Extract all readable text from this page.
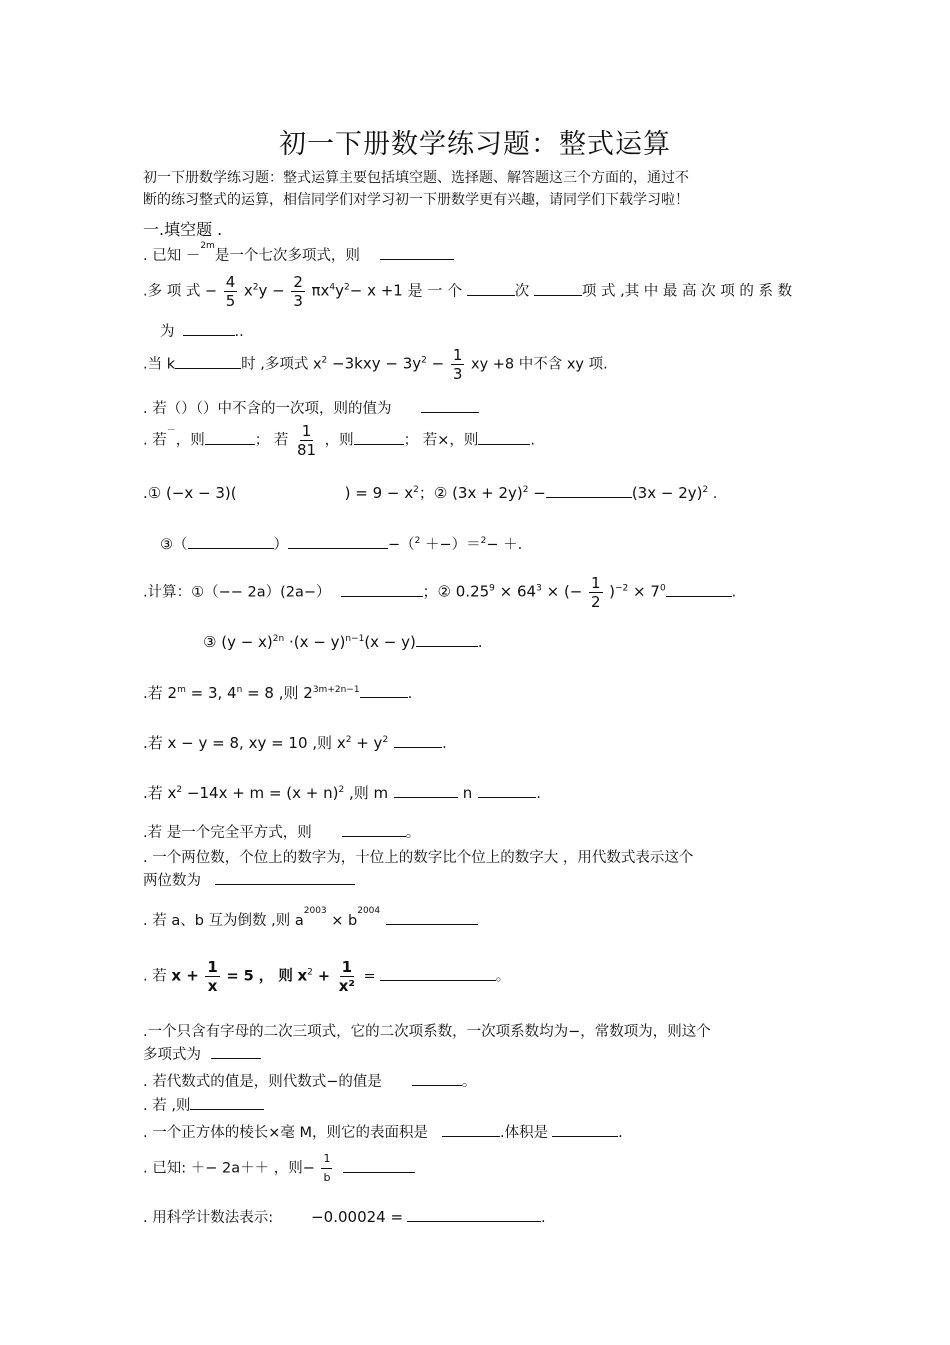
初一下册数学练习题：整式运算
初一下册数学练习题：整式运算主要包括填空题、选择题、解答题这三个方面的，通过不
断的练习整式的运算，相信同学们对学习初一下册数学更有兴趣，请同学们下载学习啦！
一.填空题 .
. 已知 －$^{2m}$是一个七次多项式，则
.多 项 式 − $\frac{4}{5} x^2y - \frac{2}{3} \pi x^4y^2- x +1$ 是 一 个	次	项 式 ,其 中 最 高 次 项 的 系 数
为	..
.当 k	时 ,多项式 $x^2 -3kxy - 3y^2 - \frac{1}{3}$ xy +8 中不含 xy 项.
. 若（）（）中不含的一次项，则的值为
. 若－，则	； 若 $\frac{1}{81}$ ，则	； 若×，则	.
.① (−x − 3)(	) = $9 - x^2$；② $(3x + 2y)^2$ −	$(3x - 2y)^2$ .
③（	）	−（$^2$ ＋−）＝$^2$− ＋.
.计算：①（−− 2a）(2a−）	；② $0.25^9 \times 64^3$ × (− $\frac{1}{2} )^{-2} \times 7^0$	.
③ $(y - x)^{2n} \cdot(x - y)^{n-1}(x - y)$	.
.若 $2^m = 3$, $4^n = 8$ ,则 $2^{3m+2n-1}$	.
.若 x − y = 8, xy = 10 ,则 $x^2 + y^2$	.
.若 $x^2 -14x + m = (x + n)^2$ ,则 m	n	.
.若 是一个完全平方式，则	。
. 一个两位数，个位上的数字为，十位上的数字比个位上的数字大 ，用代数式表示这个
两位数为
. 若 a、b 互为倒数 ,则 $a^{2003} \times b^{2004}$
. 若 $x + \frac{1}{x} = 5$ ， 则 $x^2 + \frac{1}{\text{x²}}$ =	。
.一个只含有字母的二次三项式，它的二次项系数，一次项系数均为−，常数项为，则这个
多项式为
. 若代数式的值是，则代数式−的值是	。
. 若 ,则
. 一个正方体的棱长×毫 M，则它的表面积是	.体积是	.
. 已知: ＋− 2a＋＋ ，则− $\frac{1}{b}$

. 用科学计数法表示:	−0.00024 =	.
